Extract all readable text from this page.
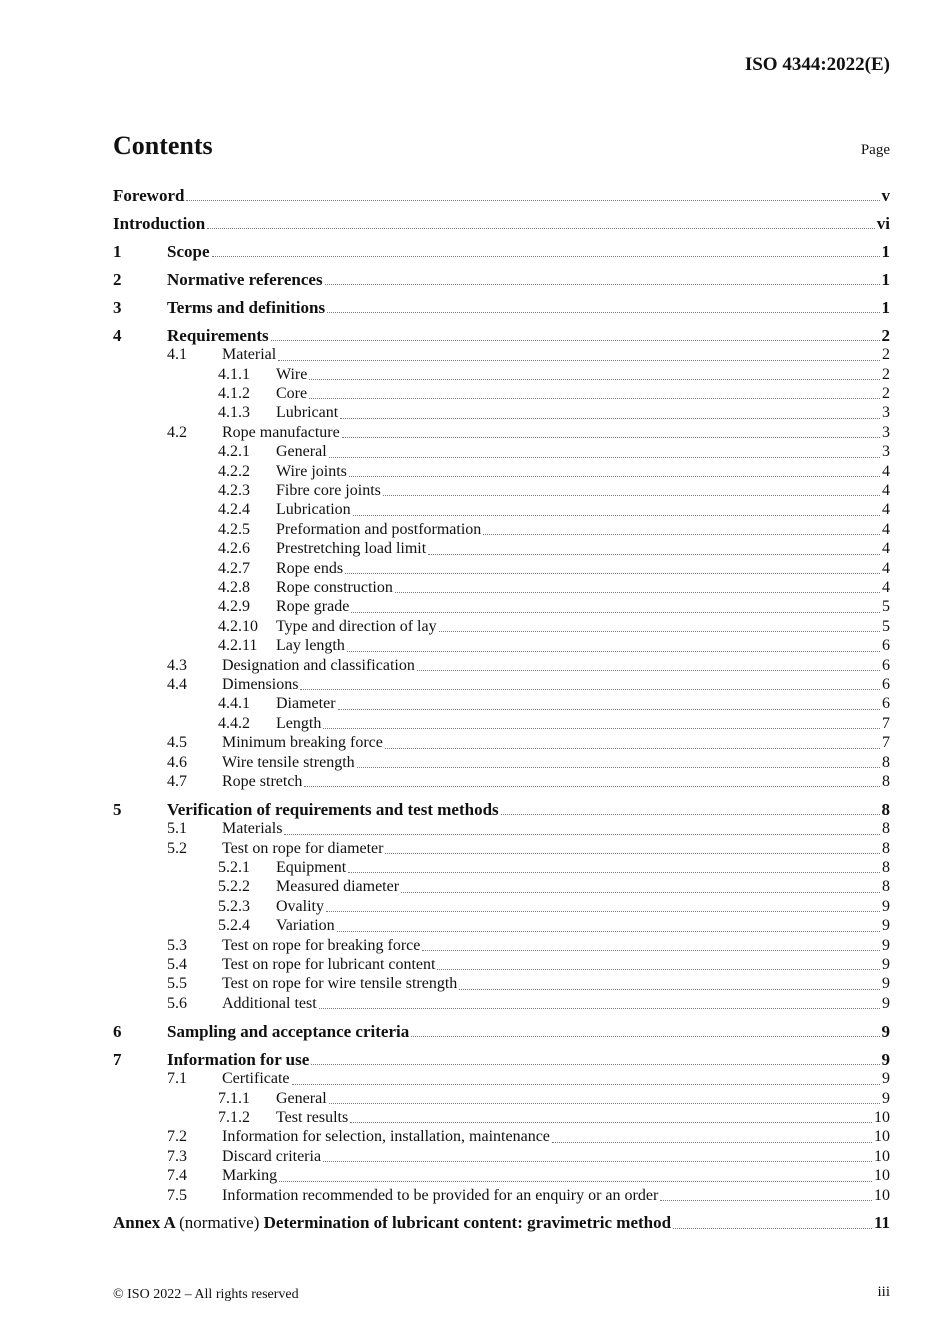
ISO 4344:2022(E)
Contents	Page
Foreword	v
Introduction	vi
1	Scope	1
2	Normative references	1
3	Terms and definitions	1
4	Requirements	2
4.1	Material	2
4.1.1	Wire	2
4.1.2	Core	2
4.1.3	Lubricant	3
4.2	Rope manufacture	3
4.2.1	General	3
4.2.2	Wire joints	4
4.2.3	Fibre core joints	4
4.2.4	Lubrication	4
4.2.5	Preformation and postformation	4
4.2.6	Prestretching load limit	4
4.2.7	Rope ends	4
4.2.8	Rope construction	4
4.2.9	Rope grade	5
4.2.10	Type and direction of lay	5
4.2.11	Lay length	6
4.3	Designation and classification	6
4.4	Dimensions	6
4.4.1	Diameter	6
4.4.2	Length	7
4.5	Minimum breaking force	7
4.6	Wire tensile strength	8
4.7	Rope stretch	8
5	Verification of requirements and test methods	8
5.1	Materials	8
5.2	Test on rope for diameter	8
5.2.1	Equipment	8
5.2.2	Measured diameter	8
5.2.3	Ovality	9
5.2.4	Variation	9
5.3	Test on rope for breaking force	9
5.4	Test on rope for lubricant content	9
5.5	Test on rope for wire tensile strength	9
5.6	Additional test	9
6	Sampling and acceptance criteria	9
7	Information for use	9
7.1	Certificate	9
7.1.1	General	9
7.1.2	Test results	10
7.2	Information for selection, installation, maintenance	10
7.3	Discard criteria	10
7.4	Marking	10
7.5	Information recommended to be provided for an enquiry or an order	10
Annex A (normative) Determination of lubricant content: gravimetric method	11
© ISO 2022 – All rights reserved	iii
